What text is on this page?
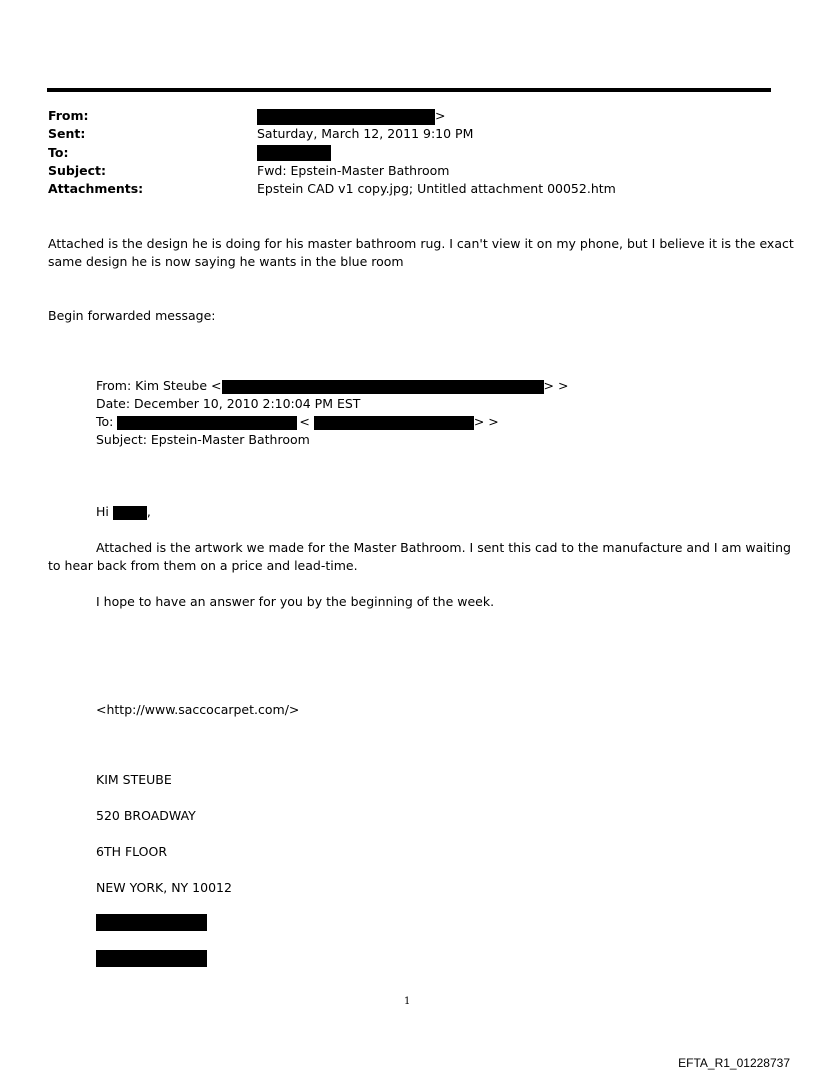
From:	>
Sent:	Saturday, March 12, 2011 9:10 PM
To:
Subject:	Fwd: Epstein-Master Bathroom
Attachments:	Epstein CAD v1 copy.jpg; Untitled attachment 00052.htm
Attached is the design he is doing for his master bathroom rug. I can't view it on my phone, but I believe it is the exact
same design he is now saying he wants in the blue room
Begin forwarded message:
From: Kim Steube <	> >
Date: December 10, 2010 2:10:04 PM EST
To:	<	> >
Subject: Epstein-Master Bathroom
Hi	,
Attached is the artwork we made for the Master Bathroom. I sent this cad to the manufacture and I am waiting
to hear back from them on a price and lead-time.
I hope to have an answer for you by the beginning of the week.
<http://www.saccocarpet.com/>
KIM STEUBE
520 BROADWAY
6TH FLOOR
NEW YORK, NY 10012
1
EFTA_R1_01228737
